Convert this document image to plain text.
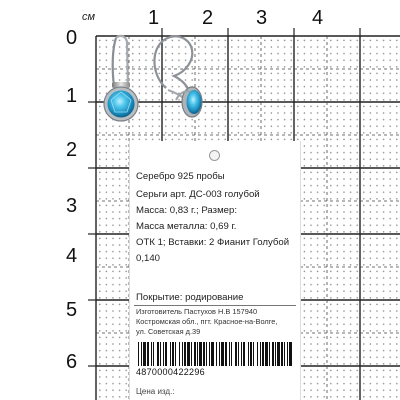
см	1 2 3 4
0
1
2
3
4
5
6
Серебро 925 пробы
Серьги арт. ДС-003 голубой
Масса: 0,83 г.; Размер:
Масса металла: 0,69 г.
ОТК 1; Вставки: 2 Фианит Голубой
0,140
Покрытие: родирование
Изготовитель Пастухов Н.В 157940
Костромская обл., пгт. Красное-на-Волге,
ул. Советская д.39
4870000422296
Цена изд.:
